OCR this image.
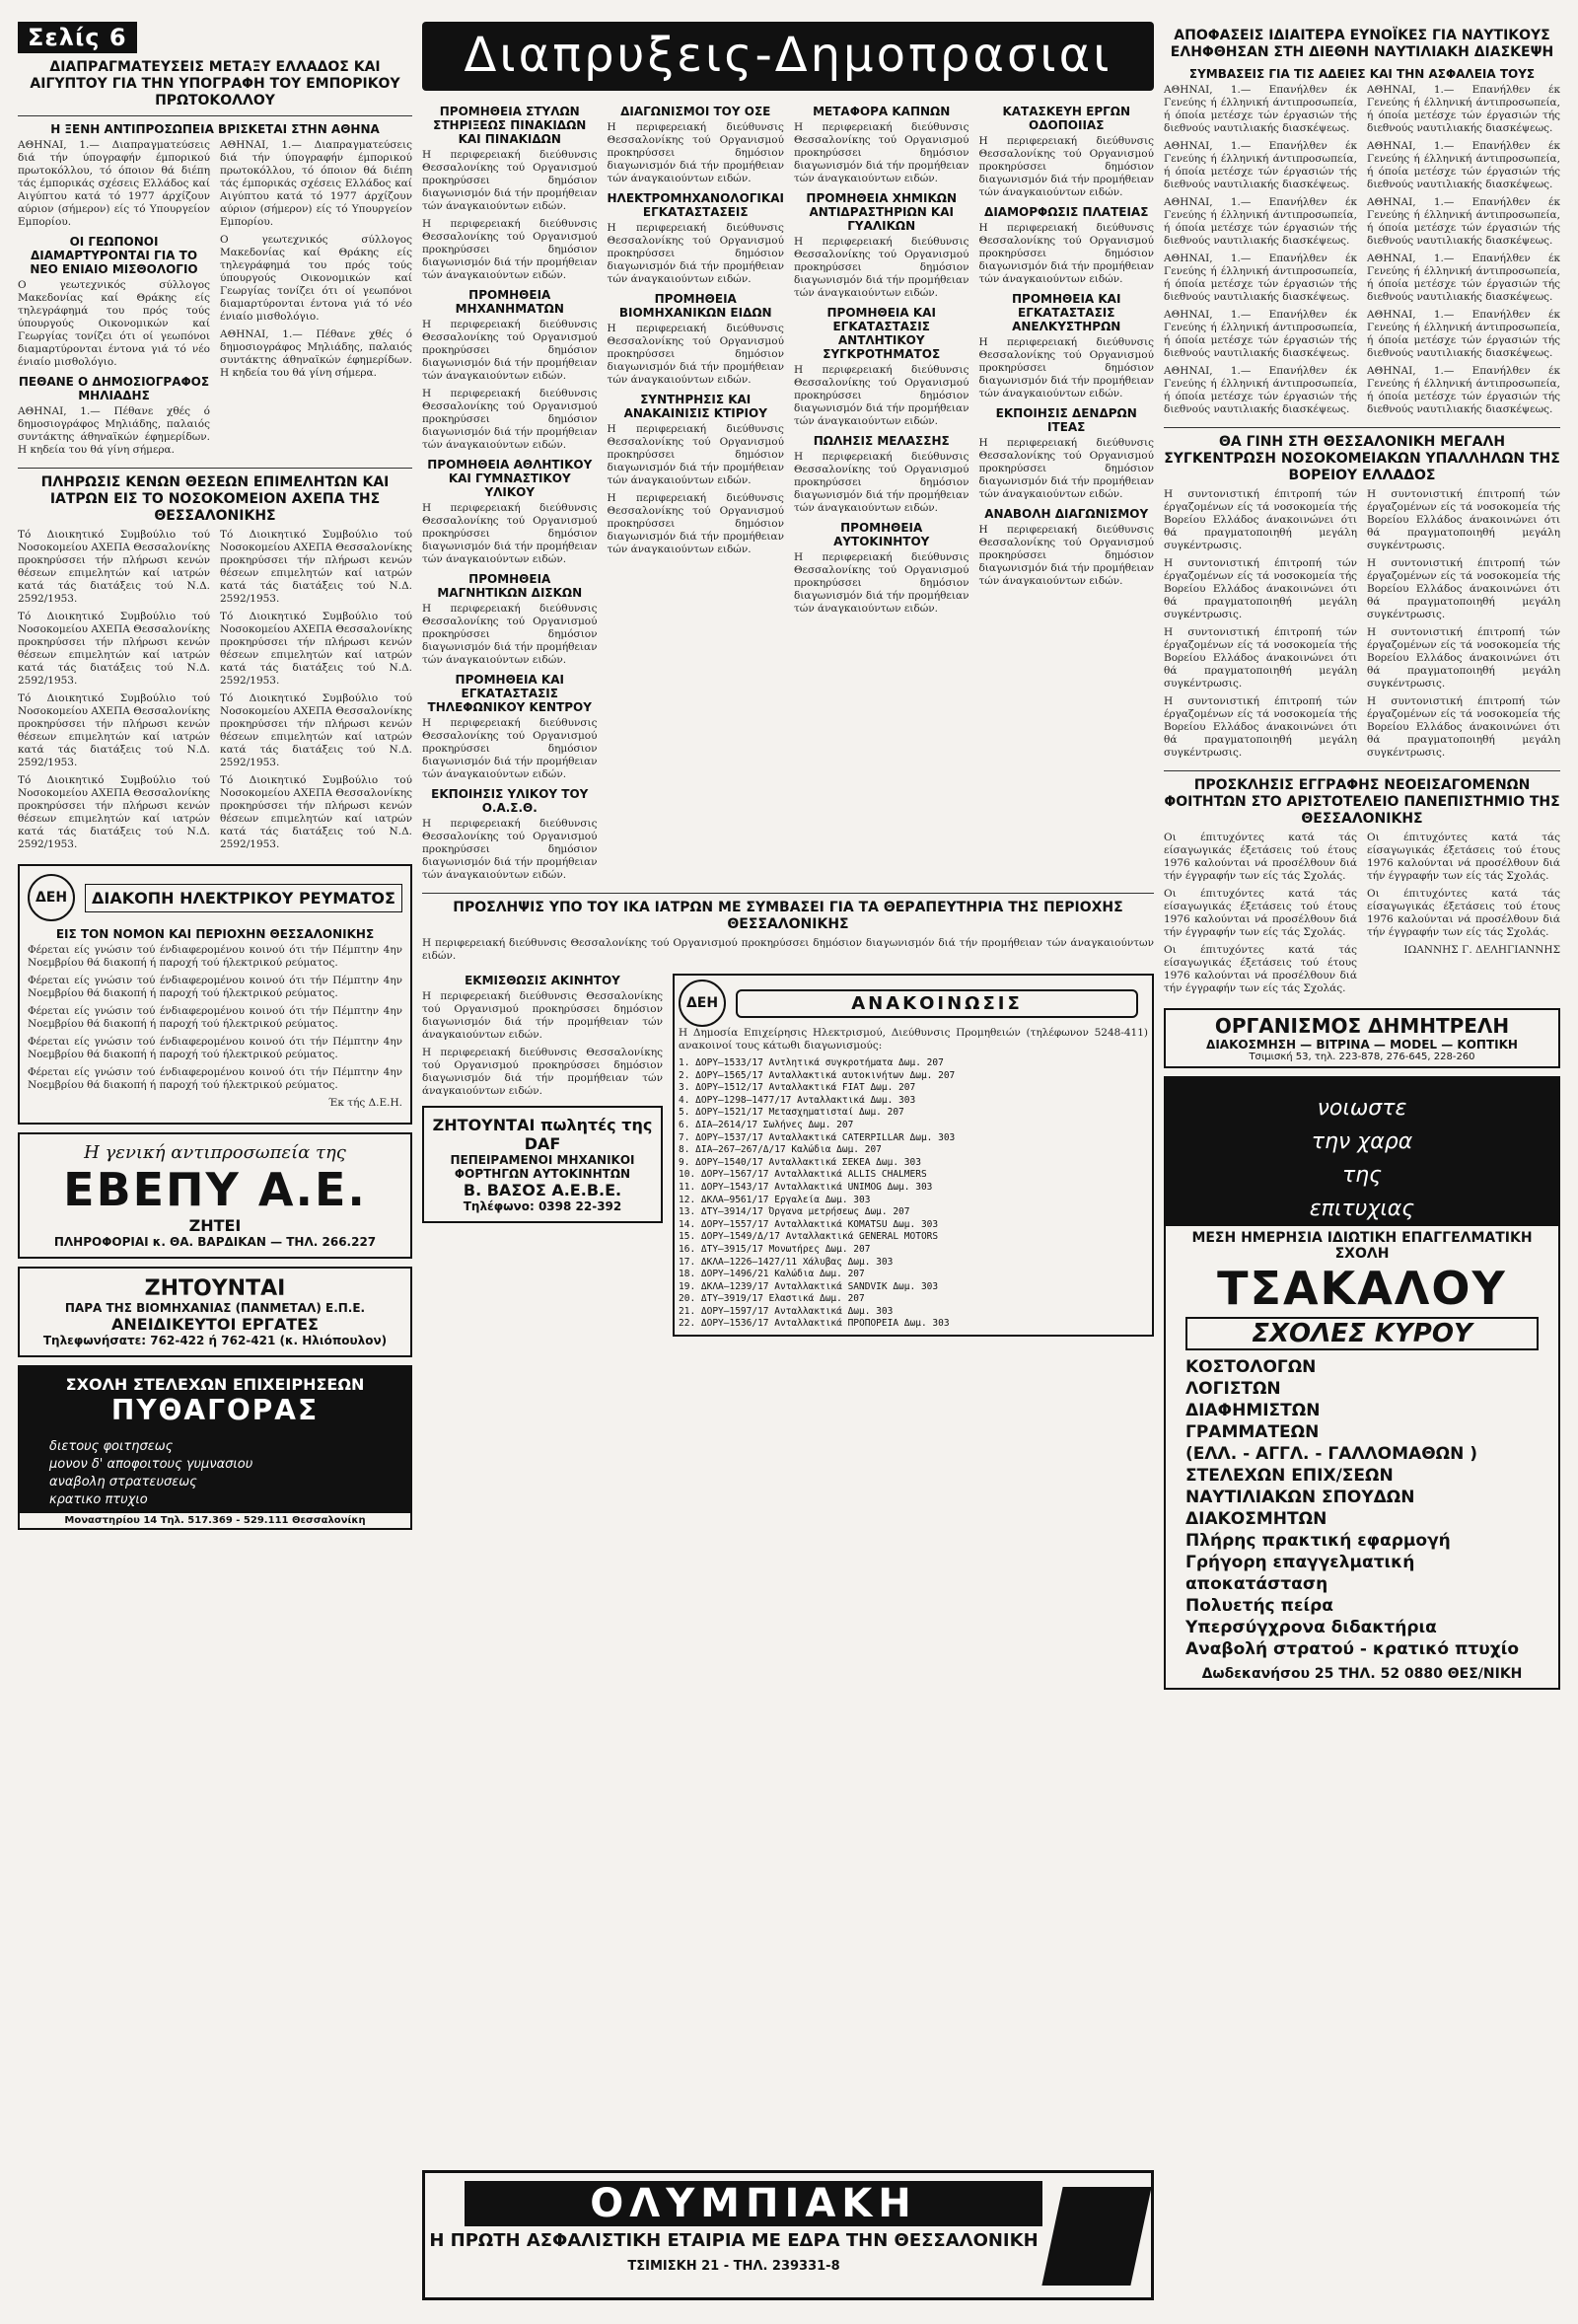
Σελίς 6
ΔΙΑΠΡΑΓΜΑΤΕΥΣΕΙΣ ΜΕΤΑΞΥ ΕΛΛΑΔΟΣ ΚΑΙ ΑΙΓΥΠΤΟΥ ΓΙΑ ΤΗΝ ΥΠΟΓΡΑΦΗ ΤΟΥ ΕΜΠΟΡΙΚΟΥ ΠΡΩΤΟΚΟΛΛΟΥ
Η ΞΕΝΗ ΑΝΤΙΠΡΟΣΩΠΕΙΑ ΒΡΙΣΚΕΤΑΙ ΣΤΗΝ ΑΘΗΝΑ

ΑΘΗΝΑΙ, 1.— Διαπραγματεύσεις διά τήν ύπογραφήν έμπορικού πρωτοκόλλου, τό όποιον θά διέπη τάς έμπορικάς σχέσεις Ελλάδος καί Αιγύπτου κατά τό 1977 άρχίζουν αύριον (σήμερον) είς τό Υπουργείον Εμπορίου.

ΟΙ ΓΕΩΠΟΝΟΙ ΔΙΑΜΑΡΤΥΡΟΝΤΑΙ ΓΙΑ ΤΟ ΝΕΟ ΕΝΙΑΙΟ ΜΙΣΘΟΛΟΓΙΟ

Ο γεωτεχνικός σύλλογος Μακεδονίας καί Θράκης είς τηλεγράφημά του πρός τούς ύπουργούς Οικονομικών καί Γεωργίας τονίζει ότι οί γεωπόνοι διαμαρτύρονται έντονα γιά τό νέο ένιαίο μισθολόγιο.

ΠΕΘΑΝΕ Ο ΔΗΜΟΣΙΟΓΡΑΦΟΣ ΜΗΛΙΑΔΗΣ

ΑΘΗΝΑΙ, 1.— Πέθανε χθές ό δημοσιογράφος Μηλιάδης, παλαιός συντάκτης άθηναϊκών έφημερίδων. Η κηδεία του θά γίνη σήμερα.

ΑΘΗΝΑΙ, 1.— Διαπραγματεύσεις διά τήν ύπογραφήν έμπορικού πρωτοκόλλου, τό όποιον θά διέπη τάς έμπορικάς σχέσεις Ελλάδος καί Αιγύπτου κατά τό 1977 άρχίζουν αύριον (σήμερον) είς τό Υπουργείον Εμπορίου.

Ο γεωτεχνικός σύλλογος Μακεδονίας καί Θράκης είς τηλεγράφημά του πρός τούς ύπουργούς Οικονομικών καί Γεωργίας τονίζει ότι οί γεωπόνοι διαμαρτύρονται έντονα γιά τό νέο ένιαίο μισθολόγιο.

ΑΘΗΝΑΙ, 1.— Πέθανε χθές ό δημοσιογράφος Μηλιάδης, παλαιός συντάκτης άθηναϊκών έφημερίδων. Η κηδεία του θά γίνη σήμερα.

ΠΛΗΡΩΣΙΣ ΚΕΝΩΝ ΘΕΣΕΩΝ ΕΠΙΜΕΛΗΤΩΝ ΚΑΙ ΙΑΤΡΩΝ ΕΙΣ ΤΟ ΝΟΣΟΚΟΜΕΙΟΝ ΑΧΕΠΑ ΤΗΣ ΘΕΣΣΑΛΟΝΙΚΗΣ

Τό Διοικητικό Συμβούλιο τού Νοσοκομείου ΑΧΕΠΑ Θεσσαλονίκης προκηρύσσει τήν πλήρωσι κενών θέσεων επιμελητών καί ιατρών κατά τάς διατάξεις τού Ν.Δ. 2592/1953.

Τό Διοικητικό Συμβούλιο τού Νοσοκομείου ΑΧΕΠΑ Θεσσαλονίκης προκηρύσσει τήν πλήρωσι κενών θέσεων επιμελητών καί ιατρών κατά τάς διατάξεις τού Ν.Δ. 2592/1953.

Τό Διοικητικό Συμβούλιο τού Νοσοκομείου ΑΧΕΠΑ Θεσσαλονίκης προκηρύσσει τήν πλήρωσι κενών θέσεων επιμελητών καί ιατρών κατά τάς διατάξεις τού Ν.Δ. 2592/1953.

Τό Διοικητικό Συμβούλιο τού Νοσοκομείου ΑΧΕΠΑ Θεσσαλονίκης προκηρύσσει τήν πλήρωσι κενών θέσεων επιμελητών καί ιατρών κατά τάς διατάξεις τού Ν.Δ. 2592/1953.

Τό Διοικητικό Συμβούλιο τού Νοσοκομείου ΑΧΕΠΑ Θεσσαλονίκης προκηρύσσει τήν πλήρωσι κενών θέσεων επιμελητών καί ιατρών κατά τάς διατάξεις τού Ν.Δ. 2592/1953.

Τό Διοικητικό Συμβούλιο τού Νοσοκομείου ΑΧΕΠΑ Θεσσαλονίκης προκηρύσσει τήν πλήρωσι κενών θέσεων επιμελητών καί ιατρών κατά τάς διατάξεις τού Ν.Δ. 2592/1953.

Τό Διοικητικό Συμβούλιο τού Νοσοκομείου ΑΧΕΠΑ Θεσσαλονίκης προκηρύσσει τήν πλήρωσι κενών θέσεων επιμελητών καί ιατρών κατά τάς διατάξεις τού Ν.Δ. 2592/1953.

Τό Διοικητικό Συμβούλιο τού Νοσοκομείου ΑΧΕΠΑ Θεσσαλονίκης προκηρύσσει τήν πλήρωσι κενών θέσεων επιμελητών καί ιατρών κατά τάς διατάξεις τού Ν.Δ. 2592/1953.

ΔΕΗ	ΔΙΑΚΟΠΗ ΗΛΕΚΤΡΙΚΟΥ ΡΕΥΜΑΤΟΣ
ΕΙΣ ΤΟΝ ΝΟΜΟΝ ΚΑΙ ΠΕΡΙΟΧΗΝ ΘΕΣΣΑΛΟΝΙΚΗΣ

Φέρεται είς γνώσιν τού ένδιαφερομένου κοινού ότι τήν Πέμπτην 4ην Νοεμβρίου θά διακοπή ή παροχή τού ήλεκτρικού ρεύματος.

Φέρεται είς γνώσιν τού ένδιαφερομένου κοινού ότι τήν Πέμπτην 4ην Νοεμβρίου θά διακοπή ή παροχή τού ήλεκτρικού ρεύματος.

Φέρεται είς γνώσιν τού ένδιαφερομένου κοινού ότι τήν Πέμπτην 4ην Νοεμβρίου θά διακοπή ή παροχή τού ήλεκτρικού ρεύματος.

Φέρεται είς γνώσιν τού ένδιαφερομένου κοινού ότι τήν Πέμπτην 4ην Νοεμβρίου θά διακοπή ή παροχή τού ήλεκτρικού ρεύματος.

Φέρεται είς γνώσιν τού ένδιαφερομένου κοινού ότι τήν Πέμπτην 4ην Νοεμβρίου θά διακοπή ή παροχή τού ήλεκτρικού ρεύματος.

Έκ τής Δ.Ε.Η.

Η γενική αντιπροσωπεία της
ΕΒΕΠΥ Α.Ε.
ΖΗΤΕΙ
ΠΛΗΡΟΦΟΡΙΑΙ κ. ΘΑ. ΒΑΡΔΙΚΑΝ — ΤΗΛ. 266.227
ΖΗΤΟΥΝΤΑΙ
ΠΑΡΑ ΤΗΣ ΒΙΟΜΗΧΑΝΙΑΣ (ΠΑΝΜΕΤΑΛ) Ε.Π.Ε.
ΑΝΕΙΔΙΚΕΥΤΟΙ ΕΡΓΑΤΕΣ
Τηλεφωνήσατε: 762-422 ή 762-421 (κ. Ηλιόπουλον)
ΣΧΟΛΗ ΣΤΕΛΕΧΩΝ ΕΠΙΧΕΙΡΗΣΕΩΝ
ΠΥΘΑΓΟΡΑΣ
διετους φοιτησεως
μονον δ' αποφοιτους γυμνασιου
αναβολη στρατευσεως
κρατικο πτυχιο
Μοναστηρίου 14 Τηλ. 517.369 - 529.111 Θεσσαλονίκη
Διαπρυξεις-Δημοπρασιαι
ΠΡΟΜΗΘΕΙΑ ΣΤΥΛΩΝ ΣΤΗΡΙΞΕΩΣ ΠΙΝΑΚΙΔΩΝ ΚΑΙ ΠΙΝΑΚΙΔΩΝ

Η περιφερειακή διεύθυνσις Θεσσαλονίκης τού Οργανισμού προκηρύσσει δημόσιον διαγωνισμόν διά τήν προμήθειαν τών άναγκαιούντων ειδών.

Η περιφερειακή διεύθυνσις Θεσσαλονίκης τού Οργανισμού προκηρύσσει δημόσιον διαγωνισμόν διά τήν προμήθειαν τών άναγκαιούντων ειδών.

ΠΡΟΜΗΘΕΙΑ ΜΗΧΑΝΗΜΑΤΩΝ

Η περιφερειακή διεύθυνσις Θεσσαλονίκης τού Οργανισμού προκηρύσσει δημόσιον διαγωνισμόν διά τήν προμήθειαν τών άναγκαιούντων ειδών.

Η περιφερειακή διεύθυνσις Θεσσαλονίκης τού Οργανισμού προκηρύσσει δημόσιον διαγωνισμόν διά τήν προμήθειαν τών άναγκαιούντων ειδών.

ΠΡΟΜΗΘΕΙΑ ΑΘΛΗΤΙΚΟΥ ΚΑΙ ΓΥΜΝΑΣΤΙΚΟΥ ΥΛΙΚΟΥ

Η περιφερειακή διεύθυνσις Θεσσαλονίκης τού Οργανισμού προκηρύσσει δημόσιον διαγωνισμόν διά τήν προμήθειαν τών άναγκαιούντων ειδών.

ΠΡΟΜΗΘΕΙΑ ΜΑΓΝΗΤΙΚΩΝ ΔΙΣΚΩΝ

Η περιφερειακή διεύθυνσις Θεσσαλονίκης τού Οργανισμού προκηρύσσει δημόσιον διαγωνισμόν διά τήν προμήθειαν τών άναγκαιούντων ειδών.

ΠΡΟΜΗΘΕΙΑ ΚΑΙ ΕΓΚΑΤΑΣΤΑΣΙΣ ΤΗΛΕΦΩΝΙΚΟΥ ΚΕΝΤΡΟΥ

Η περιφερειακή διεύθυνσις Θεσσαλονίκης τού Οργανισμού προκηρύσσει δημόσιον διαγωνισμόν διά τήν προμήθειαν τών άναγκαιούντων ειδών.

ΕΚΠΟΙΗΣΙΣ ΥΛΙΚΟΥ ΤΟΥ Ο.Α.Σ.Θ.

Η περιφερειακή διεύθυνσις Θεσσαλονίκης τού Οργανισμού προκηρύσσει δημόσιον διαγωνισμόν διά τήν προμήθειαν τών άναγκαιούντων ειδών.

ΔΙΑΓΩΝΙΣΜΟΙ ΤΟΥ ΟΣΕ

Η περιφερειακή διεύθυνσις Θεσσαλονίκης τού Οργανισμού προκηρύσσει δημόσιον διαγωνισμόν διά τήν προμήθειαν τών άναγκαιούντων ειδών.

ΗΛΕΚΤΡΟΜΗΧΑΝΟΛΟΓΙΚΑΙ ΕΓΚΑΤΑΣΤΑΣΕΙΣ

Η περιφερειακή διεύθυνσις Θεσσαλονίκης τού Οργανισμού προκηρύσσει δημόσιον διαγωνισμόν διά τήν προμήθειαν τών άναγκαιούντων ειδών.

ΠΡΟΜΗΘΕΙΑ ΒΙΟΜΗΧΑΝΙΚΩΝ ΕΙΔΩΝ

Η περιφερειακή διεύθυνσις Θεσσαλονίκης τού Οργανισμού προκηρύσσει δημόσιον διαγωνισμόν διά τήν προμήθειαν τών άναγκαιούντων ειδών.

ΣΥΝΤΗΡΗΣΙΣ ΚΑΙ ΑΝΑΚΑΙΝΙΣΙΣ ΚΤΙΡΙΟΥ

Η περιφερειακή διεύθυνσις Θεσσαλονίκης τού Οργανισμού προκηρύσσει δημόσιον διαγωνισμόν διά τήν προμήθειαν τών άναγκαιούντων ειδών.

Η περιφερειακή διεύθυνσις Θεσσαλονίκης τού Οργανισμού προκηρύσσει δημόσιον διαγωνισμόν διά τήν προμήθειαν τών άναγκαιούντων ειδών.

ΜΕΤΑΦΟΡΑ ΚΑΠΝΩΝ

Η περιφερειακή διεύθυνσις Θεσσαλονίκης τού Οργανισμού προκηρύσσει δημόσιον διαγωνισμόν διά τήν προμήθειαν τών άναγκαιούντων ειδών.

ΠΡΟΜΗΘΕΙΑ ΧΗΜΙΚΩΝ ΑΝΤΙΔΡΑΣΤΗΡΙΩΝ ΚΑΙ ΓΥΑΛΙΚΩΝ

Η περιφερειακή διεύθυνσις Θεσσαλονίκης τού Οργανισμού προκηρύσσει δημόσιον διαγωνισμόν διά τήν προμήθειαν τών άναγκαιούντων ειδών.

ΠΡΟΜΗΘΕΙΑ ΚΑΙ ΕΓΚΑΤΑΣΤΑΣΙΣ ΑΝΤΛΗΤΙΚΟΥ ΣΥΓΚΡΟΤΗΜΑΤΟΣ

Η περιφερειακή διεύθυνσις Θεσσαλονίκης τού Οργανισμού προκηρύσσει δημόσιον διαγωνισμόν διά τήν προμήθειαν τών άναγκαιούντων ειδών.

ΠΩΛΗΣΙΣ ΜΕΛΑΣΣΗΣ

Η περιφερειακή διεύθυνσις Θεσσαλονίκης τού Οργανισμού προκηρύσσει δημόσιον διαγωνισμόν διά τήν προμήθειαν τών άναγκαιούντων ειδών.

ΠΡΟΜΗΘΕΙΑ ΑΥΤΟΚΙΝΗΤΟΥ

Η περιφερειακή διεύθυνσις Θεσσαλονίκης τού Οργανισμού προκηρύσσει δημόσιον διαγωνισμόν διά τήν προμήθειαν τών άναγκαιούντων ειδών.

ΚΑΤΑΣΚΕΥΗ ΕΡΓΩΝ ΟΔΟΠΟΙΙΑΣ

Η περιφερειακή διεύθυνσις Θεσσαλονίκης τού Οργανισμού προκηρύσσει δημόσιον διαγωνισμόν διά τήν προμήθειαν τών άναγκαιούντων ειδών.

ΔΙΑΜΟΡΦΩΣΙΣ ΠΛΑΤΕΙΑΣ

Η περιφερειακή διεύθυνσις Θεσσαλονίκης τού Οργανισμού προκηρύσσει δημόσιον διαγωνισμόν διά τήν προμήθειαν τών άναγκαιούντων ειδών.

ΠΡΟΜΗΘΕΙΑ ΚΑΙ ΕΓΚΑΤΑΣΤΑΣΙΣ ΑΝΕΛΚΥΣΤΗΡΩΝ

Η περιφερειακή διεύθυνσις Θεσσαλονίκης τού Οργανισμού προκηρύσσει δημόσιον διαγωνισμόν διά τήν προμήθειαν τών άναγκαιούντων ειδών.

ΕΚΠΟΙΗΣΙΣ ΔΕΝΔΡΩΝ ΙΤΕΑΣ

Η περιφερειακή διεύθυνσις Θεσσαλονίκης τού Οργανισμού προκηρύσσει δημόσιον διαγωνισμόν διά τήν προμήθειαν τών άναγκαιούντων ειδών.

ΑΝΑΒΟΛΗ ΔΙΑΓΩΝΙΣΜΟΥ

Η περιφερειακή διεύθυνσις Θεσσαλονίκης τού Οργανισμού προκηρύσσει δημόσιον διαγωνισμόν διά τήν προμήθειαν τών άναγκαιούντων ειδών.

ΠΡΟΣΛΗΨΙΣ ΥΠΟ ΤΟΥ ΙΚΑ ΙΑΤΡΩΝ ΜΕ ΣΥΜΒΑΣΕΙ ΓΙΑ ΤΑ ΘΕΡΑΠΕΥΤΗΡΙΑ ΤΗΣ ΠΕΡΙΟΧΗΣ ΘΕΣΣΑΛΟΝΙΚΗΣ

Η περιφερειακή διεύθυνσις Θεσσαλονίκης τού Οργανισμού προκηρύσσει δημόσιον διαγωνισμόν διά τήν προμήθειαν τών άναγκαιούντων ειδών.

ΕΚΜΙΣΘΩΣΙΣ ΑΚΙΝΗΤΟΥ

Η περιφερειακή διεύθυνσις Θεσσαλονίκης τού Οργανισμού προκηρύσσει δημόσιον διαγωνισμόν διά τήν προμήθειαν τών άναγκαιούντων ειδών.

Η περιφερειακή διεύθυνσις Θεσσαλονίκης τού Οργανισμού προκηρύσσει δημόσιον διαγωνισμόν διά τήν προμήθειαν τών άναγκαιούντων ειδών.

ΖΗΤΟΥΝΤΑΙ πωλητές της DAF
ΠΕΠΕΙΡΑΜΕΝΟΙ ΜΗΧΑΝΙΚΟΙ ΦΟΡΤΗΓΩΝ ΑΥΤΟΚΙΝΗΤΩΝ
Β. ΒΑΣΟΣ Α.Ε.Β.Ε.
Τηλέφωνο: 0398 22-392
ΔΕΗ	ΑΝΑΚΟΙΝΩΣΙΣ

Η Δημοσία Επιχείρησις Ηλεκτρισμού, Διεύθυνσις Προμηθειών (τηλέφωνον 5248-411) ανακοινοί τους κάτωθι διαγωνισμούς:

1. ΔΟΡΥ—1533/17 Αντλητικά συγκροτήματα Δωμ. 207
2. ΔΟΡΥ—1565/17 Ανταλλακτικά αυτοκινήτων Δωμ. 207
3. ΔΟΡΥ—1512/17 Ανταλλακτικά FIAT Δωμ. 207
4. ΔΟΡΥ—1298—1477/17 Ανταλλακτικά Δωμ. 303
5. ΔΟΡΥ—1521/17 Μετασχηματισταί Δωμ. 207
6. ΔΙΑ—2614/17 Σωλήνες Δωμ. 207
7. ΔΟΡΥ—1537/17 Ανταλλακτικά CATERPILLAR Δωμ. 303
8. ΔΙΑ—267—267/Δ/17 Καλώδια Δωμ. 207
9. ΔΟΡΥ—1540/17 Ανταλλακτικά ΣΕΚΕΑ Δωμ. 303
10. ΔΟΡΥ—1567/17 Ανταλλακτικά ALLIS CHALMERS
11. ΔΟΡΥ—1543/17 Ανταλλακτικά UNIMOG Δωμ. 303
12. ΔΚΛΑ—9561/17 Εργαλεία Δωμ. 303
13. ΔΤΥ—3914/17 Όργανα μετρήσεως Δωμ. 207
14. ΔΟΡΥ—1557/17 Ανταλλακτικά KOMATSU Δωμ. 303
15. ΔΟΡΥ—1549/Δ/17 Ανταλλακτικά GENERAL MOTORS
16. ΔΤΥ—3915/17 Μονωτήρες Δωμ. 207
17. ΔΚΛΑ—1226—1427/11 Χάλυβας Δωμ. 303
18. ΔΟΡΥ—1496/21 Καλώδια Δωμ. 207
19. ΔΚΛΑ—1239/17 Ανταλλακτικά SANDVIK Δωμ. 303
20. ΔΤΥ—3919/17 Ελαστικά Δωμ. 207
21. ΔΟΡΥ—1597/17 Ανταλλακτικά Δωμ. 303
22. ΔΟΡΥ—1536/17 Ανταλλακτικά ΠΡΟΠΟΡΕΙΑ Δωμ. 303
ΟΛΥΜΠΙΑΚΗ
Η ΠΡΩΤΗ ΑΣΦΑΛΙΣΤΙΚΗ ΕΤΑΙΡΙΑ ΜΕ ΕΔΡΑ ΤΗΝ ΘΕΣΣΑΛΟΝΙΚΗ
ΤΣΙΜΙΣΚΗ 21 - ΤΗΛ. 239331-8
ΑΠΟΦΑΣΕΙΣ ΙΔΙΑΙΤΕΡΑ ΕΥΝΟΪΚΕΣ ΓΙΑ ΝΑΥΤΙΚΟΥΣ ΕΛΗΦΘΗΣΑΝ ΣΤΗ ΔΙΕΘΝΗ ΝΑΥΤΙΛΙΑΚΗ ΔΙΑΣΚΕΨΗ
ΣΥΜΒΑΣΕΙΣ ΓΙΑ ΤΙΣ ΑΔΕΙΕΣ ΚΑΙ ΤΗΝ ΑΣΦΑΛΕΙΑ ΤΟΥΣ

ΑΘΗΝΑΙ, 1.— Επανήλθεν έκ Γενεύης ή έλληνική άντιπροσωπεία, ή όποία μετέσχε τών έργασιών τής διεθνούς ναυτιλιακής διασκέψεως.

ΑΘΗΝΑΙ, 1.— Επανήλθεν έκ Γενεύης ή έλληνική άντιπροσωπεία, ή όποία μετέσχε τών έργασιών τής διεθνούς ναυτιλιακής διασκέψεως.

ΑΘΗΝΑΙ, 1.— Επανήλθεν έκ Γενεύης ή έλληνική άντιπροσωπεία, ή όποία μετέσχε τών έργασιών τής διεθνούς ναυτιλιακής διασκέψεως.

ΑΘΗΝΑΙ, 1.— Επανήλθεν έκ Γενεύης ή έλληνική άντιπροσωπεία, ή όποία μετέσχε τών έργασιών τής διεθνούς ναυτιλιακής διασκέψεως.

ΑΘΗΝΑΙ, 1.— Επανήλθεν έκ Γενεύης ή έλληνική άντιπροσωπεία, ή όποία μετέσχε τών έργασιών τής διεθνούς ναυτιλιακής διασκέψεως.

ΑΘΗΝΑΙ, 1.— Επανήλθεν έκ Γενεύης ή έλληνική άντιπροσωπεία, ή όποία μετέσχε τών έργασιών τής διεθνούς ναυτιλιακής διασκέψεως.

ΑΘΗΝΑΙ, 1.— Επανήλθεν έκ Γενεύης ή έλληνική άντιπροσωπεία, ή όποία μετέσχε τών έργασιών τής διεθνούς ναυτιλιακής διασκέψεως.

ΑΘΗΝΑΙ, 1.— Επανήλθεν έκ Γενεύης ή έλληνική άντιπροσωπεία, ή όποία μετέσχε τών έργασιών τής διεθνούς ναυτιλιακής διασκέψεως.

ΑΘΗΝΑΙ, 1.— Επανήλθεν έκ Γενεύης ή έλληνική άντιπροσωπεία, ή όποία μετέσχε τών έργασιών τής διεθνούς ναυτιλιακής διασκέψεως.

ΑΘΗΝΑΙ, 1.— Επανήλθεν έκ Γενεύης ή έλληνική άντιπροσωπεία, ή όποία μετέσχε τών έργασιών τής διεθνούς ναυτιλιακής διασκέψεως.

ΑΘΗΝΑΙ, 1.— Επανήλθεν έκ Γενεύης ή έλληνική άντιπροσωπεία, ή όποία μετέσχε τών έργασιών τής διεθνούς ναυτιλιακής διασκέψεως.

ΑΘΗΝΑΙ, 1.— Επανήλθεν έκ Γενεύης ή έλληνική άντιπροσωπεία, ή όποία μετέσχε τών έργασιών τής διεθνούς ναυτιλιακής διασκέψεως.

ΘΑ ΓΙΝΗ ΣΤΗ ΘΕΣΣΑΛΟΝΙΚΗ ΜΕΓΑΛΗ ΣΥΓΚΕΝΤΡΩΣΗ ΝΟΣΟΚΟΜΕΙΑΚΩΝ ΥΠΑΛΛΗΛΩΝ ΤΗΣ ΒΟΡΕΙΟΥ ΕΛΛΑΔΟΣ

Η συντονιστική έπιτροπή τών έργαζομένων είς τά νοσοκομεία τής Βορείου Ελλάδος άνακοινώνει ότι θά πραγματοποιηθή μεγάλη συγκέντρωσις.

Η συντονιστική έπιτροπή τών έργαζομένων είς τά νοσοκομεία τής Βορείου Ελλάδος άνακοινώνει ότι θά πραγματοποιηθή μεγάλη συγκέντρωσις.

Η συντονιστική έπιτροπή τών έργαζομένων είς τά νοσοκομεία τής Βορείου Ελλάδος άνακοινώνει ότι θά πραγματοποιηθή μεγάλη συγκέντρωσις.

Η συντονιστική έπιτροπή τών έργαζομένων είς τά νοσοκομεία τής Βορείου Ελλάδος άνακοινώνει ότι θά πραγματοποιηθή μεγάλη συγκέντρωσις.

Η συντονιστική έπιτροπή τών έργαζομένων είς τά νοσοκομεία τής Βορείου Ελλάδος άνακοινώνει ότι θά πραγματοποιηθή μεγάλη συγκέντρωσις.

Η συντονιστική έπιτροπή τών έργαζομένων είς τά νοσοκομεία τής Βορείου Ελλάδος άνακοινώνει ότι θά πραγματοποιηθή μεγάλη συγκέντρωσις.

Η συντονιστική έπιτροπή τών έργαζομένων είς τά νοσοκομεία τής Βορείου Ελλάδος άνακοινώνει ότι θά πραγματοποιηθή μεγάλη συγκέντρωσις.

Η συντονιστική έπιτροπή τών έργαζομένων είς τά νοσοκομεία τής Βορείου Ελλάδος άνακοινώνει ότι θά πραγματοποιηθή μεγάλη συγκέντρωσις.

ΠΡΟΣΚΛΗΣΙΣ ΕΓΓΡΑΦΗΣ ΝΕΟΕΙΣΑΓΟΜΕΝΩΝ ΦΟΙΤΗΤΩΝ ΣΤΟ ΑΡΙΣΤΟΤΕΛΕΙΟ ΠΑΝΕΠΙΣΤΗΜΙΟ ΤΗΣ ΘΕΣΣΑΛΟΝΙΚΗΣ

Οι έπιτυχόντες κατά τάς είσαγωγικάς έξετάσεις τού έτους 1976 καλούνται νά προσέλθουν διά τήν έγγραφήν των είς τάς Σχολάς.

Οι έπιτυχόντες κατά τάς είσαγωγικάς έξετάσεις τού έτους 1976 καλούνται νά προσέλθουν διά τήν έγγραφήν των είς τάς Σχολάς.

Οι έπιτυχόντες κατά τάς είσαγωγικάς έξετάσεις τού έτους 1976 καλούνται νά προσέλθουν διά τήν έγγραφήν των είς τάς Σχολάς.

Οι έπιτυχόντες κατά τάς είσαγωγικάς έξετάσεις τού έτους 1976 καλούνται νά προσέλθουν διά τήν έγγραφήν των είς τάς Σχολάς.

Οι έπιτυχόντες κατά τάς είσαγωγικάς έξετάσεις τού έτους 1976 καλούνται νά προσέλθουν διά τήν έγγραφήν των είς τάς Σχολάς.

ΙΩΑΝΝΗΣ Γ. ΔΕΛΗΓΙΑΝΝΗΣ

ΟΡΓΑΝΙΣΜΟΣ ΔΗΜΗΤΡΕΛΗ
ΔΙΑΚΟΣΜΗΣΗ — ΒΙΤΡΙΝΑ — MODEL — ΚΟΠΤΙΚΗ
Τσιμισκή 53, τηλ. 223-878, 276-645, 228-260
νοιωστε
την χαρα
της
επιτυχιας
ΜΕΣΗ ΗΜΕΡΗΣΙΑ ΙΔΙΩΤΙΚΗ ΕΠΑΓΓΕΛΜΑΤΙΚΗ ΣΧΟΛΗ
ΤΣΑΚΑΛΟΥ
ΣΧΟΛΕΣ ΚΥΡΟΥ
ΚΟΣΤΟΛΟΓΩΝ
ΛΟΓΙΣΤΩΝ
ΔΙΑΦΗΜΙΣΤΩΝ
ΓΡΑΜΜΑΤΕΩΝ
(ΕΛΛ. - ΑΓΓΛ. - ΓΑΛΛΟΜΑΘΩΝ )
ΣΤΕΛΕΧΩΝ ΕΠΙΧ/ΣΕΩΝ
ΝΑΥΤΙΛΙΑΚΩΝ ΣΠΟΥΔΩΝ
ΔΙΑΚΟΣΜΗΤΩΝ
Πλήρης πρακτική εφαρμογή
Γρήγορη επαγγελματική αποκατάσταση
Πολυετής πείρα
Υπερσύγχρονα διδακτήρια
Αναβολή στρατού - κρατικό πτυχίο
Δωδεκανήσου 25 ΤΗΛ. 52 0880 ΘΕΣ/ΝΙΚΗ
